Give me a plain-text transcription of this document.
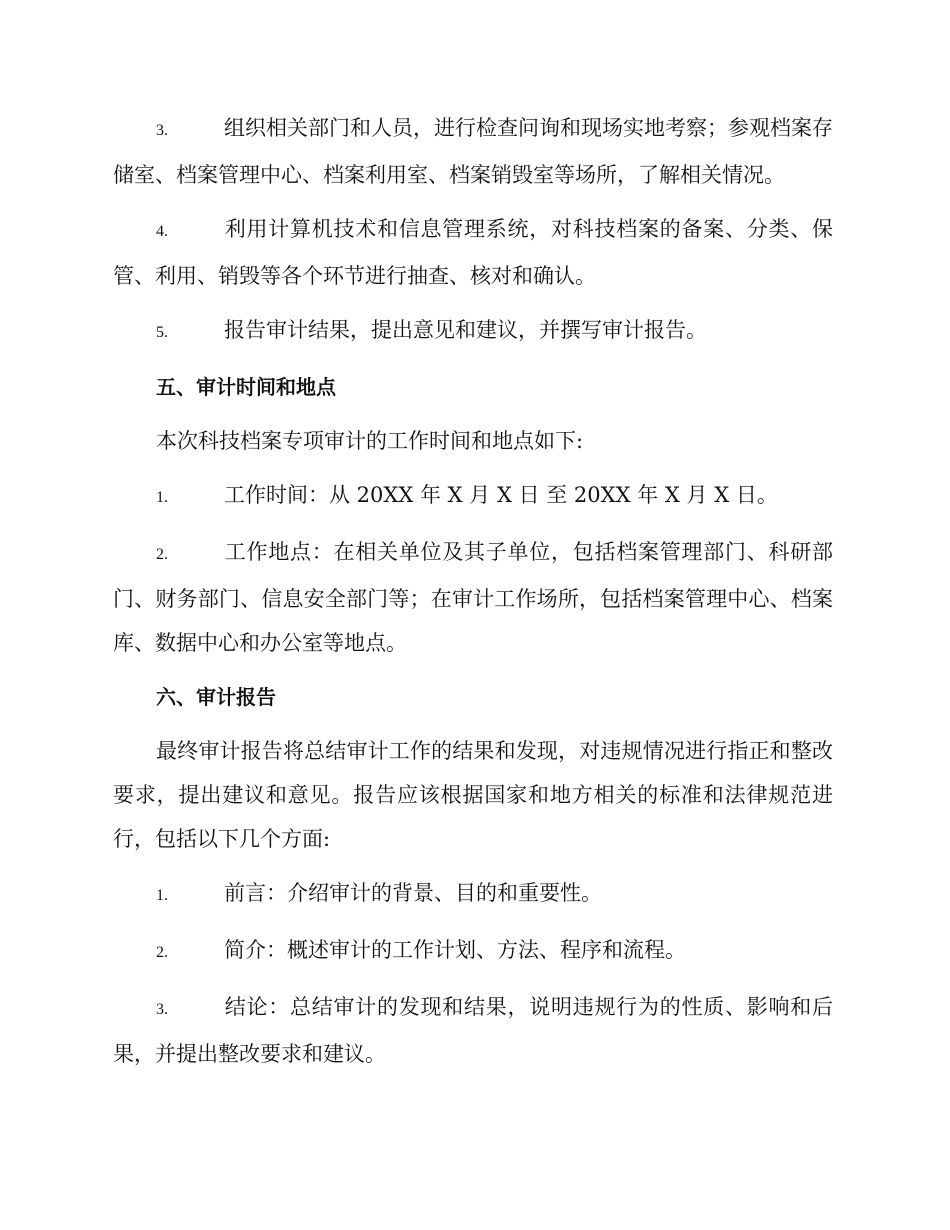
3.	组织相关部门和人员，进行检查问询和现场实地考察；参观档案存储室、档案管理中心、档案利用室、档案销毁室等场所，了解相关情况。

4.	利用计算机技术和信息管理系统，对科技档案的备案、分类、保管、利用、销毁等各个环节进行抽查、核对和确认。

5.	报告审计结果，提出意见和建议，并撰写审计报告。

五、审计时间和地点

本次科技档案专项审计的工作时间和地点如下:

1.	工作时间：从 20XX 年 X 月 X 日 至 20XX 年 X 月 X 日。

2.	工作地点：在相关单位及其子单位，包括档案管理部门、科研部门、财务部门、信息安全部门等；在审计工作场所，包括档案管理中心、档案库、数据中心和办公室等地点。

六、审计报告

最终审计报告将总结审计工作的结果和发现，对违规情况进行指正和整改要求，提出建议和意见。报告应该根据国家和地方相关的标准和法律规范进行，包括以下几个方面:

1.	前言：介绍审计的背景、目的和重要性。

2.	简介：概述审计的工作计划、方法、程序和流程。

3.	结论：总结审计的发现和结果，说明违规行为的性质、影响和后果，并提出整改要求和建议。
